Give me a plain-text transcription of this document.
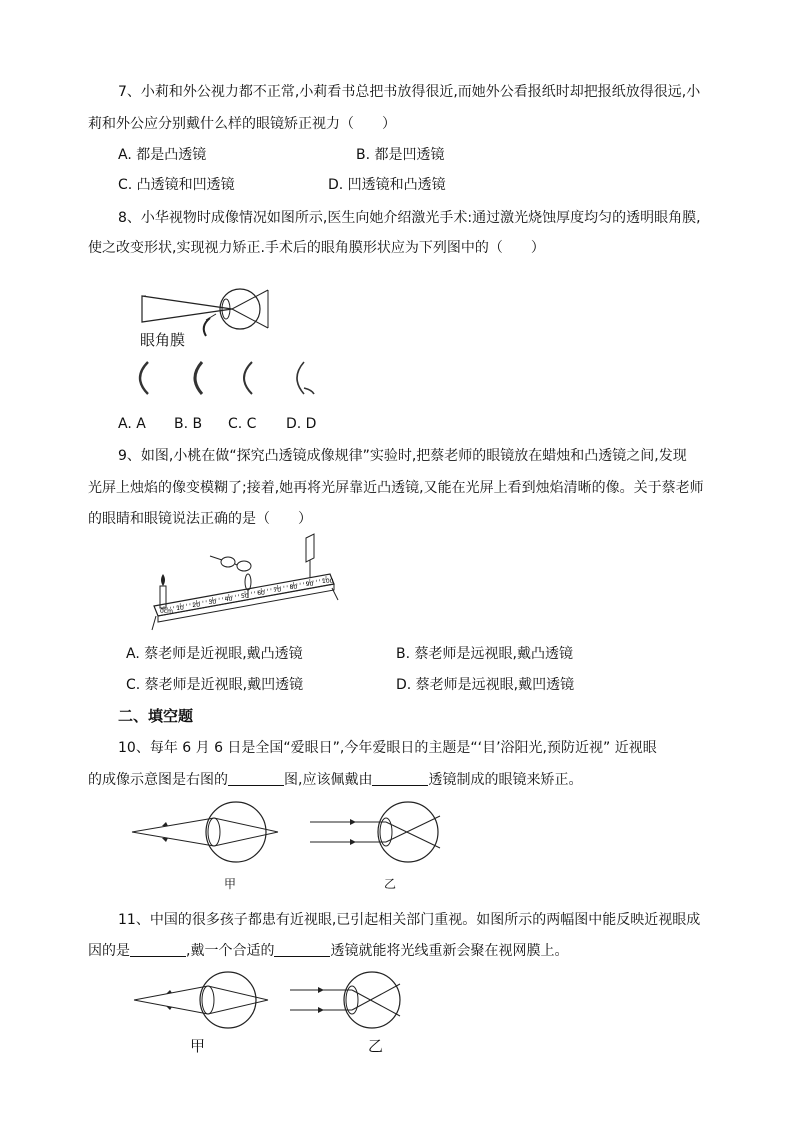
7、小莉和外公视力都不正常,小莉看书总把书放得很近,而她外公看报纸时却把报纸放得很远,小
莉和外公应分别戴什么样的眼镜矫正视力（　　）
A. 都是凸透镜	B. 都是凹透镜
C. 凸透镜和凹透镜	D. 凹透镜和凸透镜
8、小华视物时成像情况如图所示,医生向她介绍激光手术:通过激光烧蚀厚度均匀的透明眼角膜,
使之改变形状,实现视力矫正.手术后的眼角膜形状应为下列图中的（　　）
眼角膜
A. A B. B C. C D. D
9、如图,小桃在做“探究凸透镜成像规律”实验时,把蔡老师的眼镜放在蜡烛和凸透镜之间,发现
光屏上烛焰的像变模糊了;接着,她再将光屏靠近凸透镜,又能在光屏上看到烛焰清晰的像。关于蔡老师
的眼睛和眼镜说法正确的是（　　）
0cm 10 20 30 40 50 60 70 80 90 100
A. 蔡老师是近视眼,戴凸透镜	B. 蔡老师是远视眼,戴凸透镜
C. 蔡老师是近视眼,戴凹透镜	D. 蔡老师是远视眼,戴凹透镜
二、填空题
10、每年 6 月 6 日是全国“爱眼日”,今年爱眼日的主题是“‘目’浴阳光,预防近视” 近视眼
的成像示意图是右图的	图,应该佩戴由	透镜制成的眼镜来矫正。
甲	乙
11、中国的很多孩子都患有近视眼,已引起相关部门重视。如图所示的两幅图中能反映近视眼成
因的是	,戴一个合适的	透镜就能将光线重新会聚在视网膜上。
甲	乙
